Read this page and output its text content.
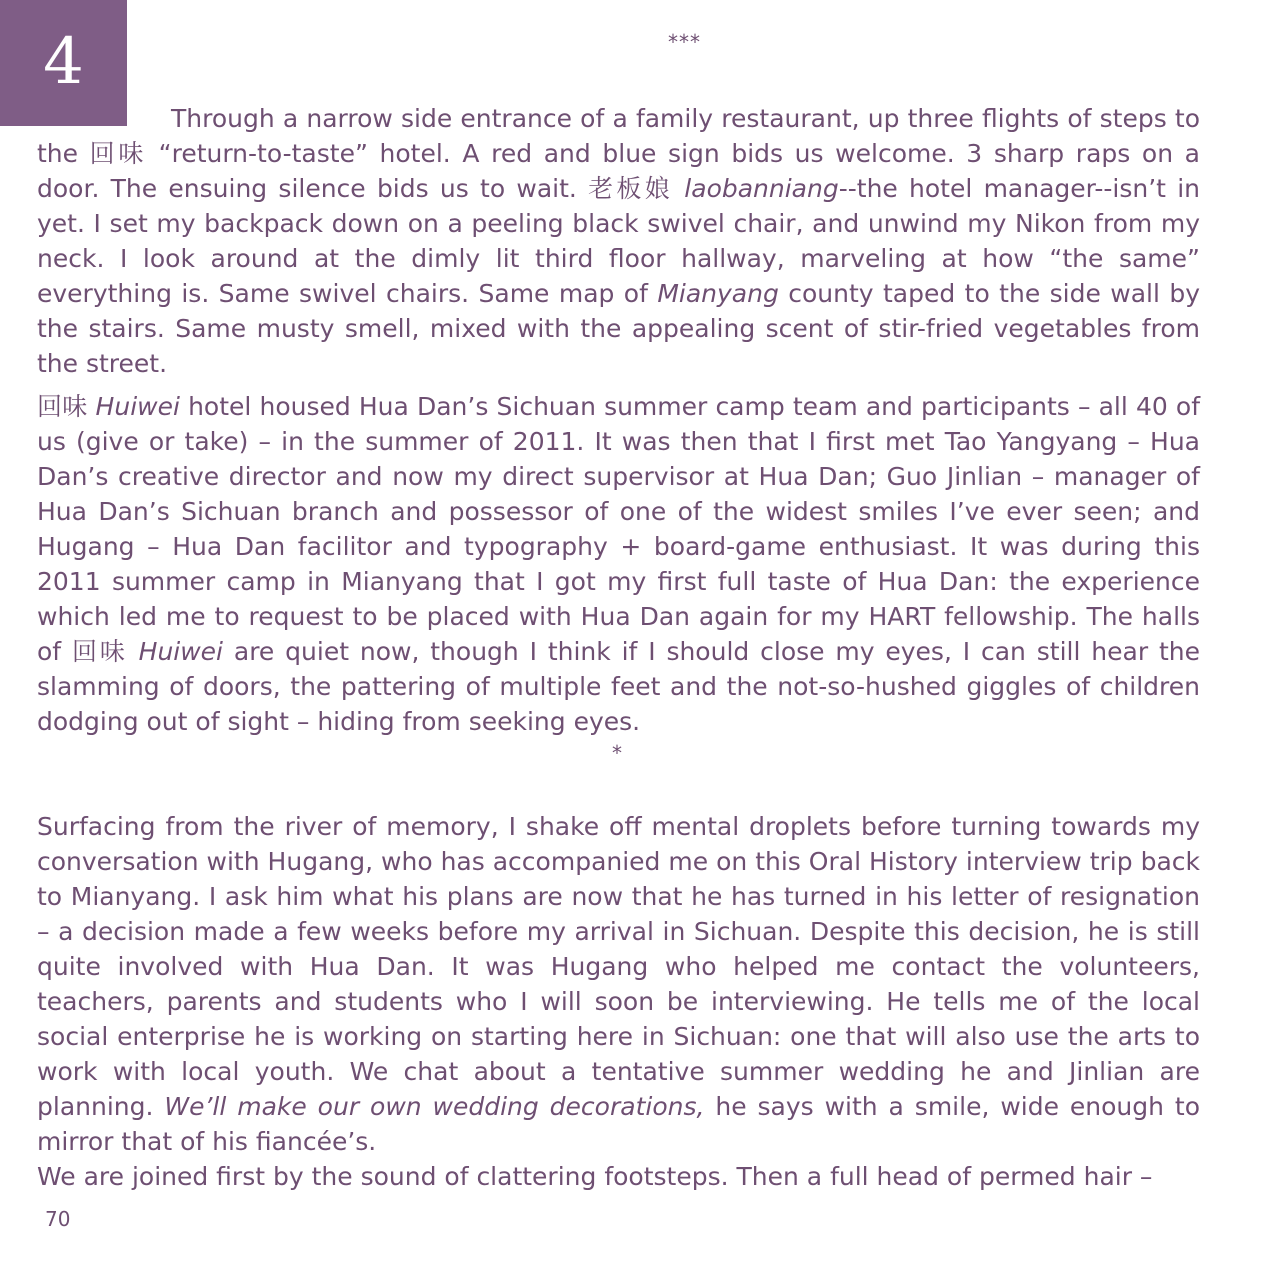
4	***
Through a narrow side entrance of a family restaurant, up three flights of steps to the 回味 “return-to-taste” hotel. A red and blue sign bids us welcome. 3 sharp raps on a door. The ensuing silence bids us to wait. 老板娘 laobanniang--the hotel manager--isn’t in yet. I set my backpack down on a peeling black swivel chair, and unwind my Nikon from my neck. I look around at the dimly lit third floor hallway, marveling at how “the same” everything is. Same swivel chairs. Same map of Mianyang county taped to the side wall by the stairs. Same musty smell, mixed with the appealing scent of stir-fried vegetables from the street.
回味 Huiwei hotel housed Hua Dan’s Sichuan summer camp team and participants – all 40 of us (give or take) – in the summer of 2011. It was then that I first met Tao Yangyang – Hua Dan’s creative director and now my direct supervisor at Hua Dan; Guo Jinlian – manager of Hua Dan’s Sichuan branch and possessor of one of the widest smiles I’ve ever seen; and Hugang – Hua Dan facilitor and typography + board-game enthusiast. It was during this 2011 summer camp in Mianyang that I got my first full taste of Hua Dan: the experience which led me to request to be placed with Hua Dan again for my HART fellowship. The halls of 回味 Huiwei are quiet now, though I think if I should close my eyes, I can still hear the slamming of doors, the pattering of multiple feet and the not-so-hushed giggles of children dodging out of sight – hiding from seeking eyes.
*
Surfacing from the river of memory, I shake off mental droplets before turning towards my conversation with Hugang, who has accompanied me on this Oral History interview trip back to Mianyang. I ask him what his plans are now that he has turned in his letter of resignation – a decision made a few weeks before my arrival in Sichuan. Despite this decision, he is still quite involved with Hua Dan. It was Hugang who helped me contact the volunteers, teachers, parents and students who I will soon be interviewing. He tells me of the local social enterprise he is working on starting here in Sichuan: one that will also use the arts to work with local youth. We chat about a tentative summer wedding he and Jinlian are planning. We’ll make our own wedding decorations, he says with a smile, wide enough to mirror that of his fiancée’s.
We are joined first by the sound of clattering footsteps. Then a full head of permed hair –
70
